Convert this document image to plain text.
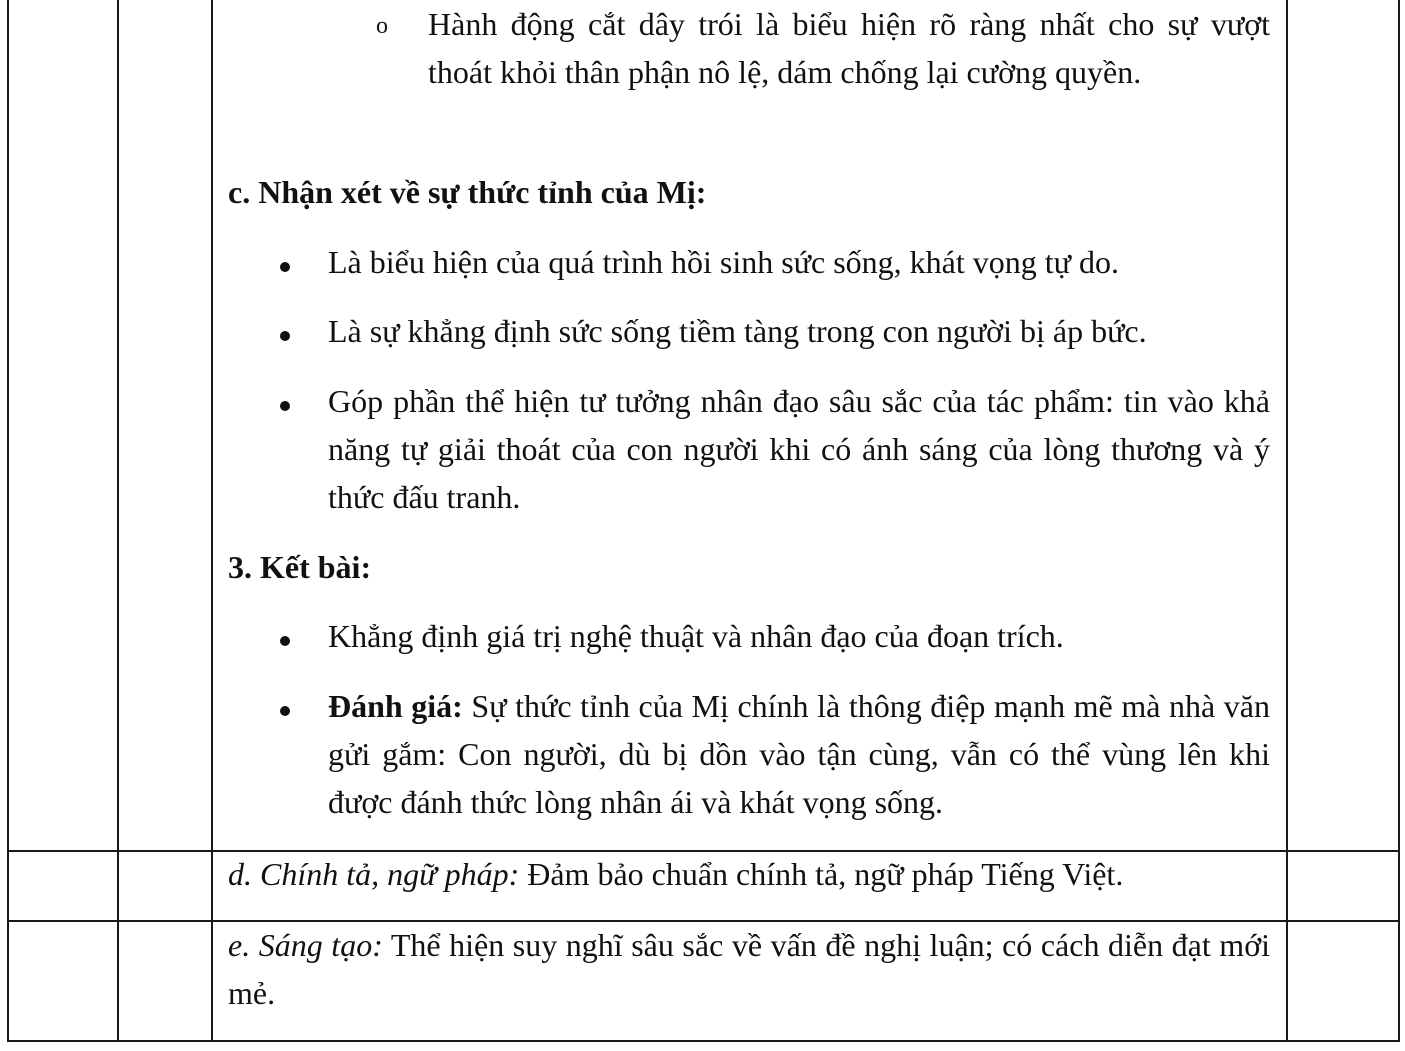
o Hành động cắt dây trói là biểu hiện rõ ràng nhất cho sự vượt thoát khỏi thân phận nô lệ, dám chống lại cường quyền.
c. Nhận xét về sự thức tỉnh của Mị:
Là biểu hiện của quá trình hồi sinh sức sống, khát vọng tự do.
Là sự khẳng định sức sống tiềm tàng trong con người bị áp bức.
Góp phần thể hiện tư tưởng nhân đạo sâu sắc của tác phẩm: tin vào khả năng tự giải thoát của con người khi có ánh sáng của lòng thương và ý thức đấu tranh.
3. Kết bài:
Khẳng định giá trị nghệ thuật và nhân đạo của đoạn trích.
Đánh giá: Sự thức tỉnh của Mị chính là thông điệp mạnh mẽ mà nhà văn gửi gắm: Con người, dù bị dồn vào tận cùng, vẫn có thể vùng lên khi được đánh thức lòng nhân ái và khát vọng sống.
d. Chính tả, ngữ pháp: Đảm bảo chuẩn chính tả, ngữ pháp Tiếng Việt.
e. Sáng tạo: Thể hiện suy nghĩ sâu sắc về vấn đề nghị luận; có cách diễn đạt mới mẻ.
